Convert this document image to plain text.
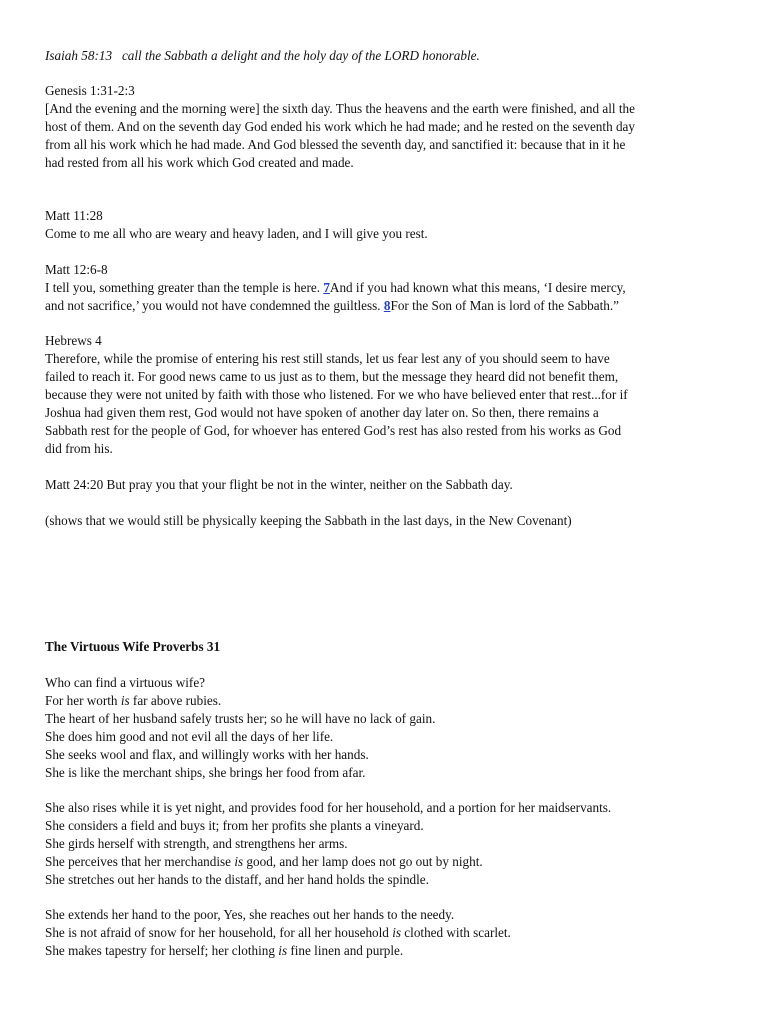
Isaiah 58:13 call the Sabbath a delight and the holy day of the LORD honorable.
Genesis 1:31-2:3
[And the evening and the morning were] the sixth day. Thus the heavens and the earth were finished, and all the
host of them. And on the seventh day God ended his work which he had made; and he rested on the seventh day
from all his work which he had made. And God blessed the seventh day, and sanctified it: because that in it he
had rested from all his work which God created and made.
Matt 11:28
Come to me all who are weary and heavy laden, and I will give you rest.
Matt 12:6-8
I tell you, something greater than the temple is here. 7And if you had known what this means, ‘I desire mercy,
and not sacrifice,’ you would not have condemned the guiltless. 8For the Son of Man is lord of the Sabbath.”
Hebrews 4
Therefore, while the promise of entering his rest still stands, let us fear lest any of you should seem to have
failed to reach it. For good news came to us just as to them, but the message they heard did not benefit them,
because they were not united by faith with those who listened. For we who have believed enter that rest...for if
Joshua had given them rest, God would not have spoken of another day later on. So then, there remains a
Sabbath rest for the people of God, for whoever has entered God’s rest has also rested from his works as God
did from his.
Matt 24:20 But pray you that your flight be not in the winter, neither on the Sabbath day.
(shows that we would still be physically keeping the Sabbath in the last days, in the New Covenant)
The Virtuous Wife Proverbs 31
Who can find a virtuous wife?
For her worth is far above rubies.
The heart of her husband safely trusts her; so he will have no lack of gain.
She does him good and not evil all the days of her life.
She seeks wool and flax, and willingly works with her hands.
She is like the merchant ships, she brings her food from afar.
She also rises while it is yet night, and provides food for her household, and a portion for her maidservants.
She considers a field and buys it; from her profits she plants a vineyard.
She girds herself with strength, and strengthens her arms.
She perceives that her merchandise is good, and her lamp does not go out by night.
She stretches out her hands to the distaff, and her hand holds the spindle.
She extends her hand to the poor, Yes, she reaches out her hands to the needy.
She is not afraid of snow for her household, for all her household is clothed with scarlet.
She makes tapestry for herself; her clothing is fine linen and purple.
